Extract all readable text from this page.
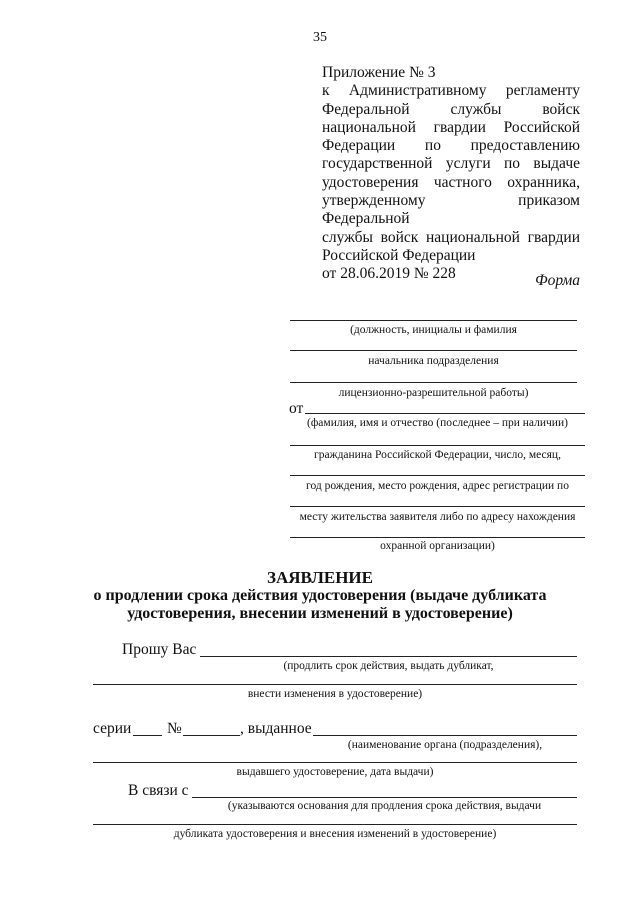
35
Приложение № 3
к Административному регламенту
Федеральной службы войск
национальной гвардии Российской
Федерации по предоставлению
государственной услуги по выдаче
удостоверения частного охранника,
утвержденному приказом Федеральной
службы войск национальной гвардии
Российской Федерации
от 28.06.2019 № 228	Форма
(должность, инициалы и фамилия
начальника подразделения
лицензионно-разрешительной работы)
от
(фамилия, имя и отчество (последнее – при наличии)
гражданина Российской Федерации, число, месяц,
год рождения, место рождения, адрес регистрации по
месту жительства заявителя либо по адресу нахождения
охранной организации)
ЗАЯВЛЕНИЕ
о продлении срока действия удостоверения (выдаче дубликата
удостоверения, внесении изменений в удостоверение)
Прошу Вас
(продлить срок действия, выдать дубликат,
внести изменения в удостоверение)
серии №	, выданное
(наименование органа (подразделения),
выдавшего удостоверение, дата выдачи)
В связи с
(указываются основания для продления срока действия, выдачи
дубликата удостоверения и внесения изменений в удостоверение)
